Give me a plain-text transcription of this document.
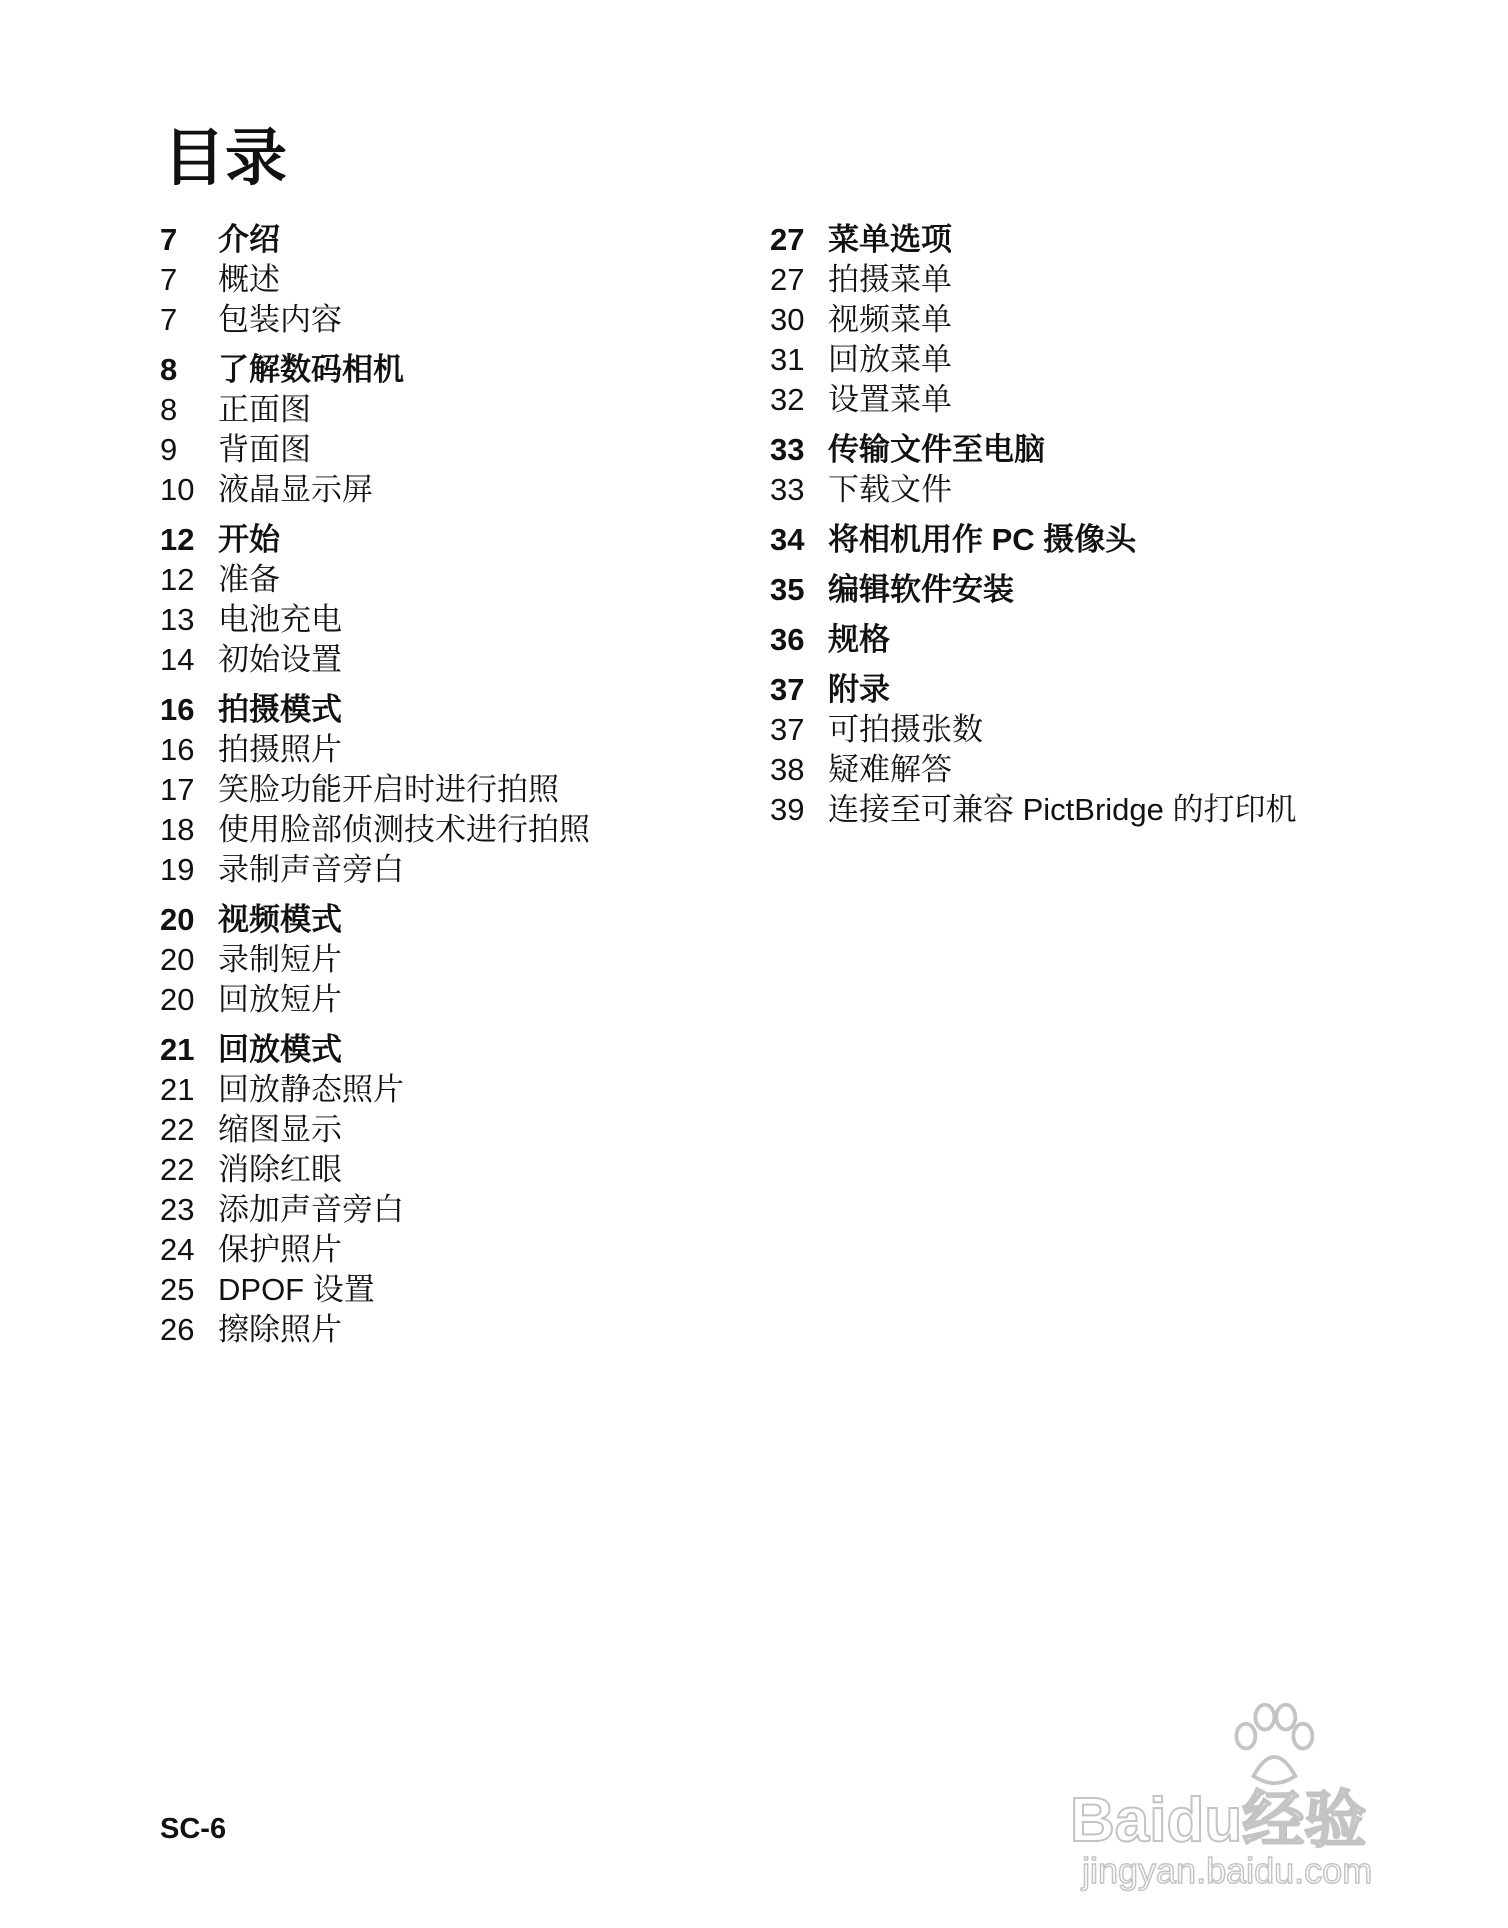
目录
7	介绍
7	概述
7	包装内容
8	了解数码相机
8	正面图
9	背面图
10 液晶显示屏
12 开始
12 准备
13 电池充电
14 初始设置
16 拍摄模式
16 拍摄照片
17 笑脸功能开启时进行拍照
18 使用脸部侦测技术进行拍照
19 录制声音旁白
20 视频模式
20 录制短片
20 回放短片
21 回放模式
21 回放静态照片
22 缩图显示
22 消除红眼
23 添加声音旁白
24 保护照片
25 DPOF 设置
26 擦除照片
27 菜单选项
27 拍摄菜单
30 视频菜单
31 回放菜单
32 设置菜单
33 传输文件至电脑
33 下载文件
34 将相机用作 PC 摄像头
35 编辑软件安装
36 规格
37 附录
37 可拍摄张数
38 疑难解答
39 连接至可兼容 PictBridge 的打印机
SC-6	Baidu经验
jingyan.baidu.com
